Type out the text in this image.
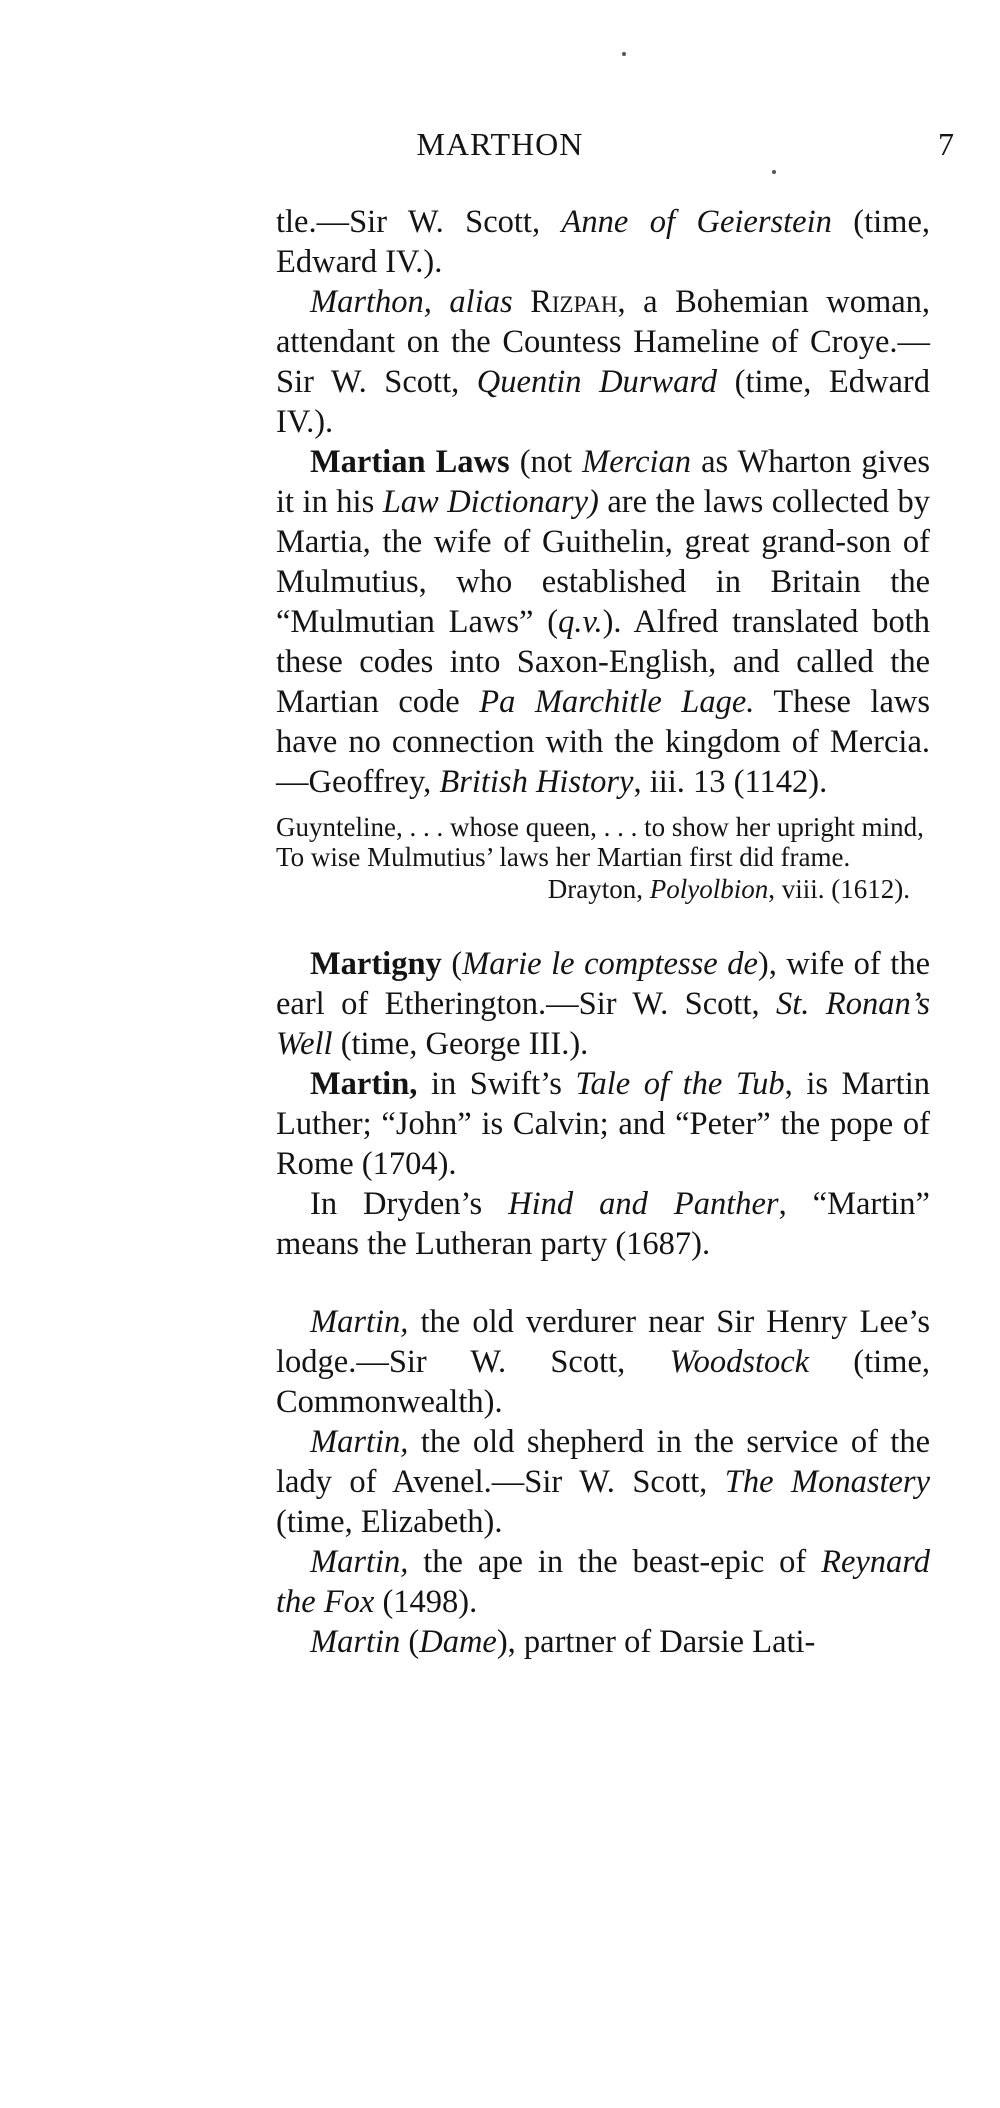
MARTHON	7

tle.—Sir W. Scott, Anne of Geierstein (time, Edward IV.).

Marthon, alias Rizpah, a Bohemian woman, attendant on the Countess Hameline of Croye.—Sir W. Scott, Quentin Durward (time, Edward IV.).

Martian Laws (not Mercian as Wharton gives it in his Law Dictionary) are the laws collected by Martia, the wife of Guithelin, great grand-son of Mulmutius, who established in Britain the “Mulmutian Laws” (q.v.). Alfred translated both these codes into Saxon-English, and called the Martian code Pa Marchitle Lage. These laws have no connection with the kingdom of Mercia.—Geoffrey, British History, iii. 13 (1142).

Guynteline, . . . whose queen, . . . to show her upright mind,

To wise Mulmutius’ laws her Martian first did frame.

Drayton, Polyolbion, viii. (1612).

Martigny (Marie le comptesse de), wife of the earl of Etherington.—Sir W. Scott, St. Ronan’s Well (time, George III.).

Martin, in Swift’s Tale of the Tub, is Martin Luther; “John” is Calvin; and “Peter” the pope of Rome (1704).

In Dryden’s Hind and Panther, “Martin” means the Lutheran party (1687).

Martin, the old verdurer near Sir Henry Lee’s lodge.—Sir W. Scott, Woodstock (time, Commonwealth).

Martin, the old shepherd in the service of the lady of Avenel.—Sir W. Scott, The Monastery (time, Elizabeth).

Martin, the ape in the beast-epic of Reynard the Fox (1498).

Martin (Dame), partner of Darsie Lati-
